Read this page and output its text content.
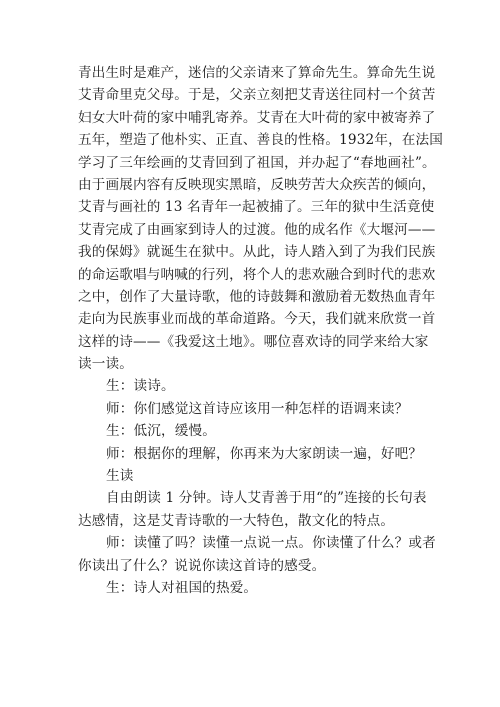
青出生时是难产，迷信的父亲请来了算命先生。算命先生说
艾青命里克父母。于是，父亲立刻把艾青送往同村一个贫苦
妇女大叶荷的家中哺乳寄养。艾青在大叶荷的家中被寄养了
五年，塑造了他朴实、正直、善良的性格。1932年，在法国
学习了三年绘画的艾青回到了祖国，并办起了“春地画社”。
由于画展内容有反映现实黑暗，反映劳苦大众疾苦的倾向，
艾青与画社的 13 名青年一起被捕了。三年的狱中生活竟使
艾青完成了由画家到诗人的过渡。他的成名作《大堰河——
我的保姆》就诞生在狱中。从此，诗人踏入到了为我们民族
的命运歌唱与呐喊的行列，将个人的悲欢融合到时代的悲欢
之中，创作了大量诗歌，他的诗鼓舞和激励着无数热血青年
走向为民族事业而战的革命道路。今天，我们就来欣赏一首
这样的诗——《我爱这土地》。哪位喜欢诗的同学来给大家
读一读。
生：读诗。
师：你们感觉这首诗应该用一种怎样的语调来读？
生：低沉，缓慢。
师：根据你的理解，你再来为大家朗读一遍，好吧？
生读
自由朗读 1 分钟。诗人艾青善于用“的”连接的长句表
达感情，这是艾青诗歌的一大特色，散文化的特点。
师：读懂了吗？读懂一点说一点。你读懂了什么？或者
你读出了什么？说说你读这首诗的感受。
生：诗人对祖国的热爱。
